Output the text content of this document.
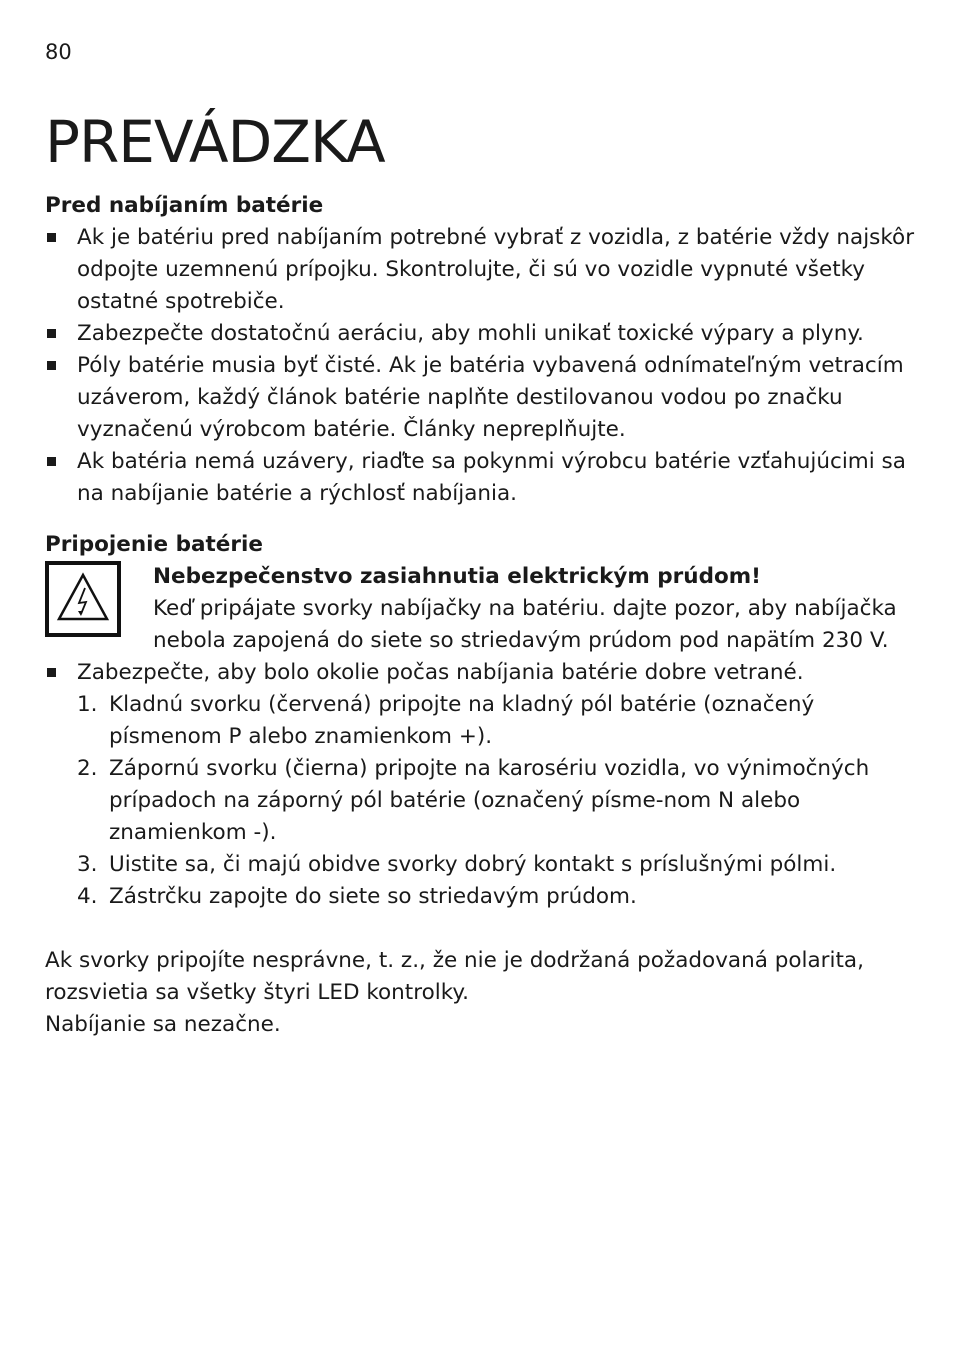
80
PREVÁDZKA
Pred nabíjaním batérie
Ak je batériu pred nabíjaním potrebné vybrať z vozidla, z batérie vždy najskôr odpojte uzemnenú prípojku. Skontrolujte, či sú vo vozidle vypnuté všetky ostatné spotrebiče.
Zabezpečte dostatočnú aeráciu, aby mohli unikať toxické výpary a plyny.
Póly batérie musia byť čisté. Ak je batéria vybavená odnímateľným vetracím uzáverom, každý článok batérie naplňte destilovanou vodou po značku vyznačenú výrobcom batérie. Články nepreplňujte.
Ak batéria nemá uzávery, riaďte sa pokynmi výrobcu batérie vzťahujúcimi sa na nabíjanie batérie a rýchlosť nabíjania.
Pripojenie batérie
Nebezpečenstvo zasiahnutia elektrickým prúdom!
Keď pripájate svorky nabíjačky na batériu. dajte pozor, aby nabíjačka nebola zapojená do siete so striedavým prúdom pod napätím 230 V.
Zabezpečte, aby bolo okolie počas nabíjania batérie dobre vetrané.
1. Kladnú svorku (červená) pripojte na kladný pól batérie (označený písmenom P alebo znamienkom +).
2. Zápornú svorku (čierna) pripojte na karosériu vozidla, vo výnimočných prípadoch na záporný pól batérie (označený písme-nom N alebo znamienkom -).
3. Uistite sa, či majú obidve svorky dobrý kontakt s príslušnými pólmi.
4. Zástrčku zapojte do siete so striedavým prúdom.

Ak svorky pripojíte nesprávne, t. z., že nie je dodržaná požadovaná polarita, rozsvietia sa všetky štyri LED kontrolky.

Nabíjanie sa nezačne.
